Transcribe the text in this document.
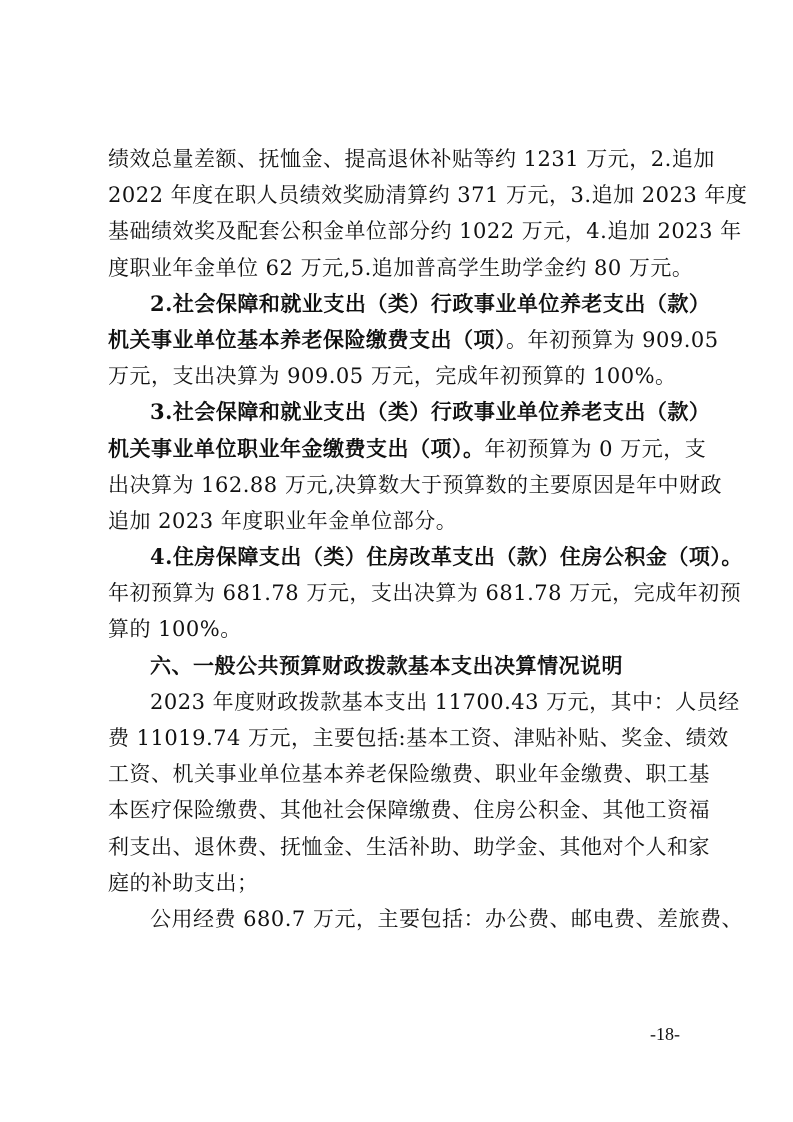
绩效总量差额、抚恤金、提高退休补贴等约 1231 万元，2.追加
2022 年度在职人员绩效奖励清算约 371 万元，3.追加 2023 年度
基础绩效奖及配套公积金单位部分约 1022 万元，4.追加 2023 年
度职业年金单位 62 万元,5.追加普高学生助学金约 80 万元。
2.社会保障和就业支出（类）行政事业单位养老支出（款）
机关事业单位基本养老保险缴费支出（项）。年初预算为 909.05
万元，支出决算为 909.05 万元，完成年初预算的 100%。
3.社会保障和就业支出（类）行政事业单位养老支出（款）
机关事业单位职业年金缴费支出（项）。年初预算为 0 万元，支
出决算为 162.88 万元,决算数大于预算数的主要原因是年中财政
追加 2023 年度职业年金单位部分。
4.住房保障支出（类）住房改革支出（款）住房公积金（项）。
年初预算为 681.78 万元，支出决算为 681.78 万元，完成年初预
算的 100%。
六、一般公共预算财政拨款基本支出决算情况说明
2023 年度财政拨款基本支出 11700.43 万元，其中：人员经
费 11019.74 万元，主要包括:基本工资、津贴补贴、奖金、绩效
工资、机关事业单位基本养老保险缴费、职业年金缴费、职工基
本医疗保险缴费、其他社会保障缴费、住房公积金、其他工资福
利支出、退休费、抚恤金、生活补助、助学金、其他对个人和家
庭的补助支出；
公用经费 680.7 万元，主要包括：办公费、邮电费、差旅费、
-18-
